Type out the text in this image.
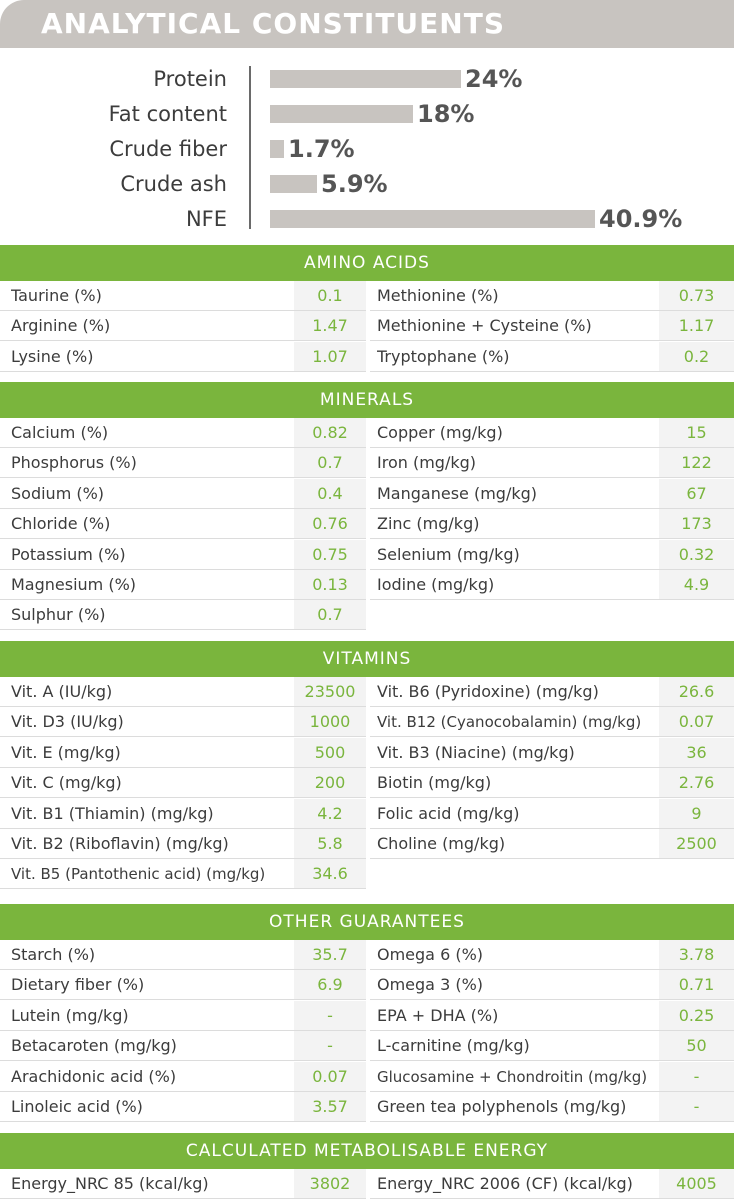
ANALYTICAL CONSTITUENTS
Protein	24%
Fat content	18%
Crude fiber	1.7%
Crude ash	5.9%
NFE	40.9%
AMINO ACIDS
Taurine (%)	0.1	Methionine (%)	0.73
Arginine (%)	1.47	Methionine + Cysteine (%)	1.17
Lysine (%)	1.07	Tryptophane (%)	0.2
MINERALS
Calcium (%)	0.82	Copper (mg/kg)	15
Phosphorus (%)	0.7	Iron (mg/kg)	122
Sodium (%)	0.4	Manganese (mg/kg)	67
Chloride (%)	0.76	Zinc (mg/kg)	173
Potassium (%)	0.75	Selenium (mg/kg)	0.32
Magnesium (%)	0.13	Iodine (mg/kg)	4.9
Sulphur (%)	0.7
VITAMINS
Vit. A (IU/kg)	23500	Vit. B6 (Pyridoxine) (mg/kg)	26.6
Vit. D3 (IU/kg)	1000	Vit. B12 (Cyanocobalamin) (mg/kg)	0.07
Vit. E (mg/kg)	500	Vit. B3 (Niacine) (mg/kg)	36
Vit. C (mg/kg)	200	Biotin (mg/kg)	2.76
Vit. B1 (Thiamin) (mg/kg)	4.2	Folic acid (mg/kg)	9
Vit. B2 (Riboflavin) (mg/kg)	5.8	Choline (mg/kg)	2500
Vit. B5 (Pantothenic acid) (mg/kg)	34.6
OTHER GUARANTEES
Starch (%)	35.7	Omega 6 (%)	3.78
Dietary fiber (%)	6.9	Omega 3 (%)	0.71
Lutein (mg/kg)	-	EPA + DHA (%)	0.25
Betacaroten (mg/kg)	-	L-carnitine (mg/kg)	50
Arachidonic acid (%)	0.07	Glucosamine + Chondroitin (mg/kg)	-
Linoleic acid (%)	3.57	Green tea polyphenols (mg/kg)	-
CALCULATED METABOLISABLE ENERGY
Energy_NRC 85 (kcal/kg)	3802	Energy_NRC 2006 (CF) (kcal/kg)	4005
